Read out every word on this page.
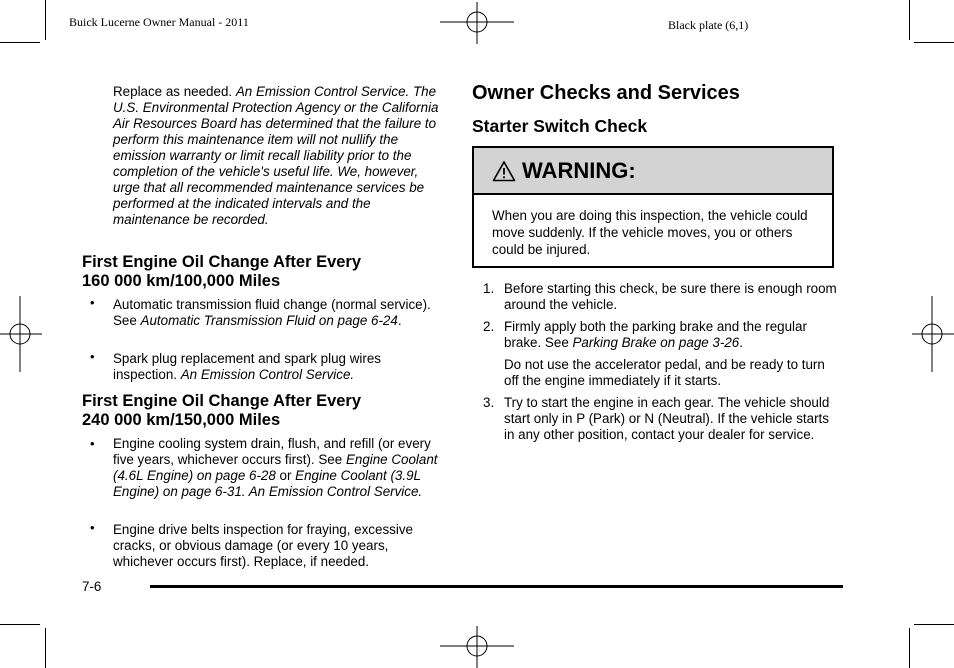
Buick Lucerne Owner Manual - 2011	Black plate (6,1)
Replace as needed. An Emission Control Service. The U.S. Environmental Protection Agency or the California Air Resources Board has determined that the failure to perform this maintenance item will not nullify the emission warranty or limit recall liability prior to the completion of the vehicle's useful life. We, however, urge that all recommended maintenance services be performed at the indicated intervals and the maintenance be recorded.
First Engine Oil Change After Every
160 000 km/100,000 Miles
• Automatic transmission fluid change (normal service). See Automatic Transmission Fluid on page 6-24.
• Spark plug replacement and spark plug wires inspection. An Emission Control Service.
First Engine Oil Change After Every
240 000 km/150,000 Miles
• Engine cooling system drain, flush, and refill (or every five years, whichever occurs first). See Engine Coolant (4.6L Engine) on page 6-28 or Engine Coolant (3.9L Engine) on page 6-31. An Emission Control Service.
• Engine drive belts inspection for fraying, excessive cracks, or obvious damage (or every 10 years, whichever occurs first). Replace, if needed.
Owner Checks and Services
Starter Switch Check
WARNING:
When you are doing this inspection, the vehicle could move suddenly. If the vehicle moves, you or others could be injured.
1. Before starting this check, be sure there is enough room around the vehicle.
2. Firmly apply both the parking brake and the regular brake. See Parking Brake on page 3-26.
Do not use the accelerator pedal, and be ready to turn off the engine immediately if it starts.
3. Try to start the engine in each gear. The vehicle should start only in P (Park) or N (Neutral). If the vehicle starts in any other position, contact your dealer for service.
7-6
